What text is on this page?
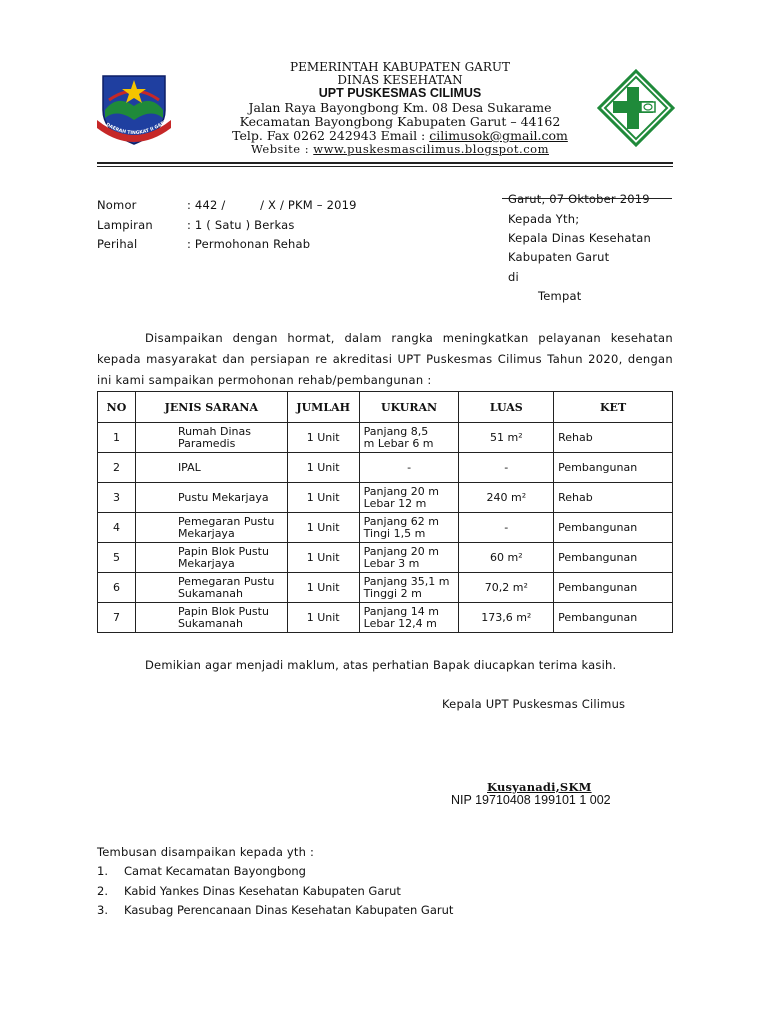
DAERAH TINGKAT II GARU
PEMERINTAH KABUPATEN GARUT
DINAS KESEHATAN
UPT PUSKESMAS CILIMUS
Jalan Raya Bayongbong Km. 08 Desa Sukarame
Kecamatan Bayongbong Kabupaten Garut – 44162
Telp. Fax 0262 242943 Email : cilimusok@gmail.com
Website : www.puskesmascilimus.blogspot.com
Nomor	: 442 /         / X / PKM – 2019
Lampiran	: 1 ( Satu ) Berkas
Perihal	: Permohonan Rehab
Garut, 07 Oktober 2019
Kepada Yth;
Kepala Dinas Kesehatan
Kabupaten Garut
di
Tempat
Disampaikan dengan hormat, dalam rangka meningkatkan pelayanan kesehatan kepada masyarakat dan persiapan re akreditasi UPT Puskesmas Cilimus Tahun 2020, dengan ini kami sampaikan permohonan rehab/pembangunan :
NO	JENIS SARANA	JUMLAH	UKURAN	LUAS	KET
1	Rumah Dinas Paramedis	1 Unit	Panjang 8,5 m Lebar 6 m	51 m²	Rehab
2	IPAL	1 Unit	-	-	Pembangunan
3	Pustu Mekarjaya	1 Unit	Panjang 20 m Lebar 12 m	240 m²	Rehab
4	Pemegaran Pustu Mekarjaya	1 Unit	Panjang 62 m Tingi 1,5 m	-	Pembangunan
5	Papin Blok Pustu Mekarjaya	1 Unit	Panjang 20 m Lebar 3 m	60 m²	Pembangunan
6	Pemegaran Pustu Sukamanah	1 Unit	Panjang 35,1 m Tinggi 2 m	70,2 m²	Pembangunan
7	Papin Blok Pustu Sukamanah	1 Unit	Panjang 14 m Lebar 12,4 m	173,6 m²	Pembangunan
Demikian agar menjadi maklum, atas perhatian Bapak diucapkan terima kasih.
Kepala UPT Puskesmas Cilimus
Kusyanadi,SKM
NIP 19710408 199101 1 002
Tembusan disampaikan kepada yth :
1. Camat Kecamatan Bayongbong
2. Kabid Yankes Dinas Kesehatan Kabupaten Garut
3. Kasubag Perencanaan Dinas Kesehatan Kabupaten Garut
